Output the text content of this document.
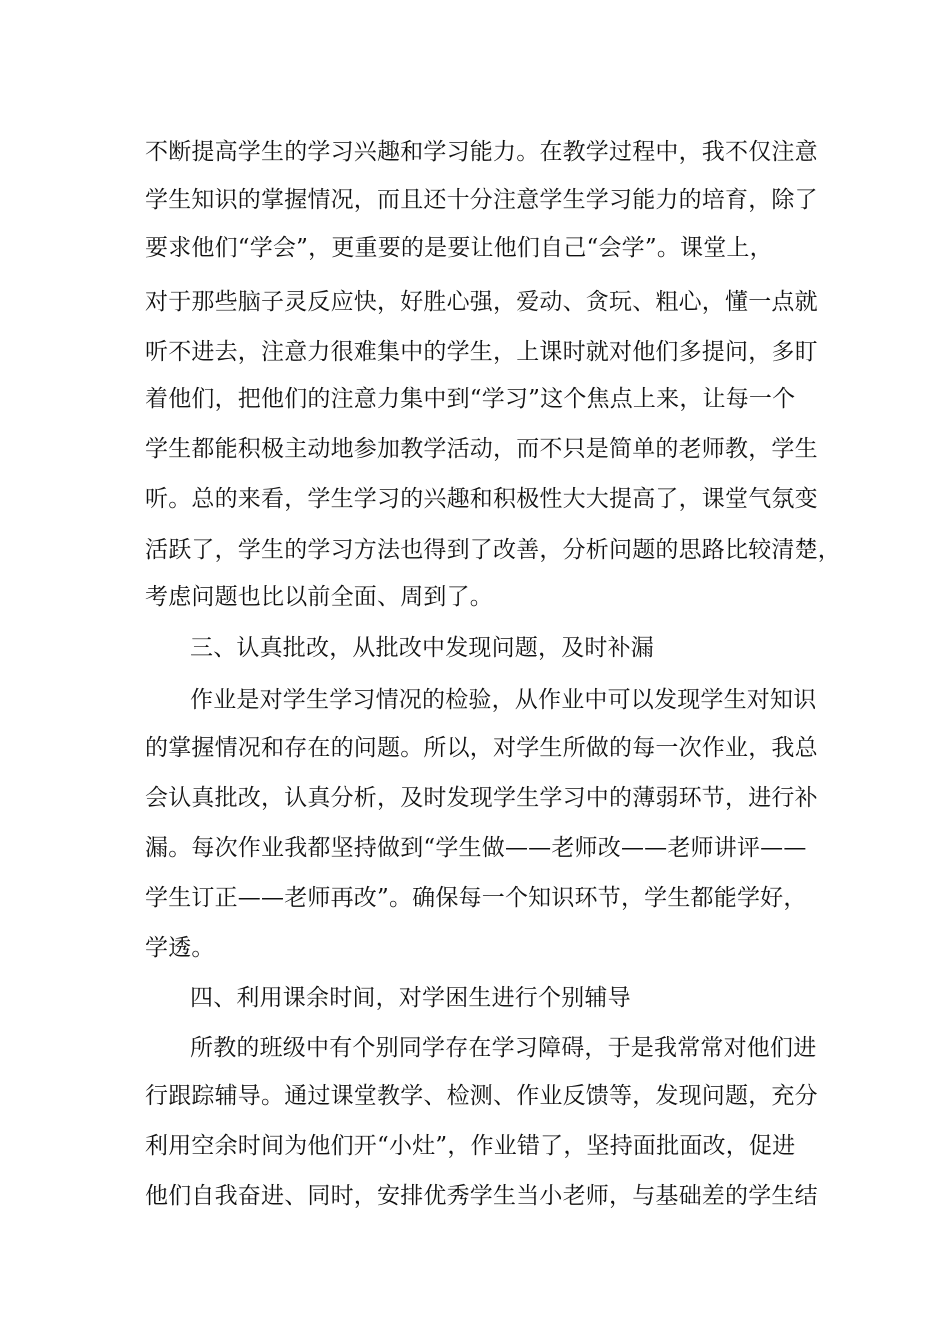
不断提高学生的学习兴趣和学习能力。在教学过程中，我不仅注意
学生知识的掌握情况，而且还十分注意学生学习能力的培育，除了
要求他们“学会”，更重要的是要让他们自己“会学”。课堂上，
对于那些脑子灵反应快，好胜心强，爱动、贪玩、粗心，懂一点就
听不进去，注意力很难集中的学生，上课时就对他们多提问，多盯
着他们，把他们的注意力集中到“学习”这个焦点上来，让每一个
学生都能积极主动地参加教学活动，而不只是简单的老师教，学生
听。总的来看，学生学习的兴趣和积极性大大提高了，课堂气氛变
活跃了，学生的学习方法也得到了改善，分析问题的思路比较清楚，
考虑问题也比以前全面、周到了。
三、认真批改，从批改中发现问题，及时补漏
作业是对学生学习情况的检验，从作业中可以发现学生对知识
的掌握情况和存在的问题。所以，对学生所做的每一次作业，我总
会认真批改，认真分析，及时发现学生学习中的薄弱环节，进行补
漏。每次作业我都坚持做到“学生做——老师改——老师讲评——
学生订正——老师再改”。确保每一个知识环节，学生都能学好，
学透。
四、利用课余时间，对学困生进行个别辅导
所教的班级中有个别同学存在学习障碍，于是我常常对他们进
行跟踪辅导。通过课堂教学、检测、作业反馈等，发现问题，充分
利用空余时间为他们开“小灶”，作业错了，坚持面批面改，促进
他们自我奋进、同时，安排优秀学生当小老师，与基础差的学生结
